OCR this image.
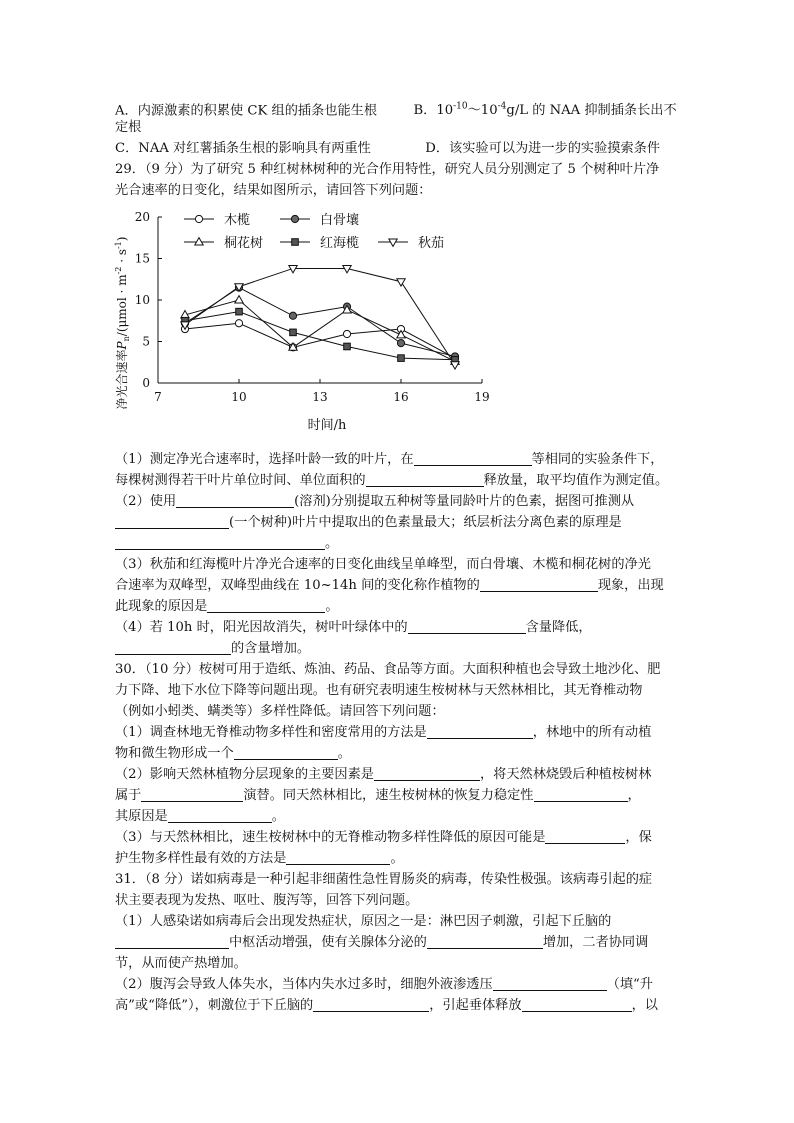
A．内源激素的积累使 CK 组的插条也能生根	B．$10^{-10}\sim 10^{-4}g/L$ 的 NAA 抑制插条长出不
定根
C．NAA 对红薯插条生根的影响具有两重性	D．该实验可以为进一步的实验摸索条件
29．（9 分）为了研究 5 种红树林树种的光合作用特性，研究人员分别测定了 5 个树种叶片净
光合速率的日变化，结果如图所示，请回答下列问题：
7	10	13	16	19
0
5
10
15
20
净光合速率$P_n/(\mu mol \cdot m^{-2} \cdot s^{-1})$
时间/h
木榄	白骨壤
桐花树	红海榄	秋茄
（1）测定净光合速率时，选择叶龄一致的叶片，在	等相同的实验条件下，
每棵树测得若干叶片单位时间、单位面积的	释放量，取平均值作为测定值。
（2）使用	(溶剂)分别提取五种树等量同龄叶片的色素，据图可推测从
(一个树种)叶片中提取出的色素量最大；纸层析法分离色素的原理是
。
（3）秋茄和红海榄叶片净光合速率的日变化曲线呈单峰型，而白骨壤、木榄和桐花树的净光
合速率为双峰型，双峰型曲线在 10~14h 间的变化称作植物的	现象，出现
此现象的原因是	。
（4）若 10h 时，阳光因故消失，树叶叶绿体中的	含量降低，
的含量增加。
30．（10 分）桉树可用于造纸、炼油、药品、食品等方面。大面积种植也会导致土地沙化、肥
力下降、地下水位下降等问题出现。也有研究表明速生桉树林与天然林相比，其无脊椎动物
（例如小蚓类、螨类等）多样性降低。请回答下列问题：
（1）调查林地无脊椎动物多样性和密度常用的方法是	，林地中的所有动植
物和微生物形成一个	。
（2）影响天然林植物分层现象的主要因素是	，将天然林烧毁后种植桉树林
属于	演替。同天然林相比，速生桉树林的恢复力稳定性	，
其原因是	。
（3）与天然林相比，速生桉树林中的无脊椎动物多样性降低的原因可能是	，保
护生物多样性最有效的方法是	。
31．（8 分）诺如病毒是一种引起非细菌性急性胃肠炎的病毒，传染性极强。该病毒引起的症
状主要表现为发热、呕吐、腹泻等，回答下列问题。
（1）人感染诺如病毒后会出现发热症状，原因之一是：淋巴因子刺激，引起下丘脑的
中枢活动增强，使有关腺体分泌的	增加，二者协同调
节，从而使产热增加。
（2）腹泻会导致人体失水，当体内失水过多时，细胞外液渗透压	（填“升
高”或“降低”），刺激位于下丘脑的	，引起垂体释放	，以
